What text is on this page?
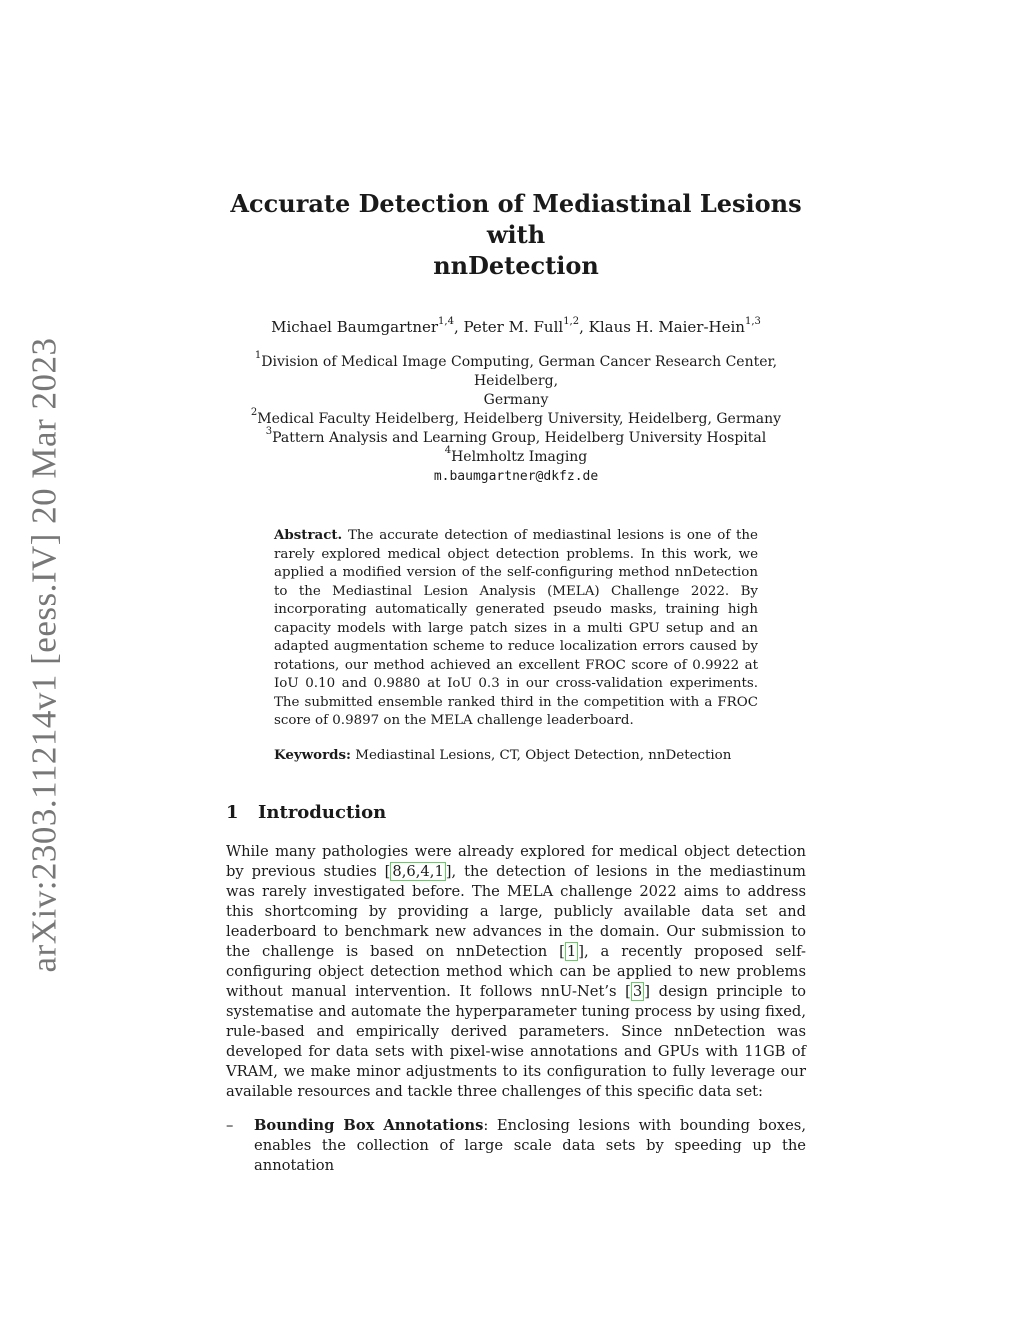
arXiv:2303.11214v1 [eess.IV] 20 Mar 2023
Accurate Detection of Mediastinal Lesions with
nnDetection
Michael Baumgartner$^{1,4}$, Peter M. Full$^{1,2}$, Klaus H. Maier-Hein$^{1,3}$
$^1$Division of Medical Image Computing, German Cancer Research Center, Heidelberg,
Germany
$^2$Medical Faculty Heidelberg, Heidelberg University, Heidelberg, Germany
$^3$Pattern Analysis and Learning Group, Heidelberg University Hospital
$^4$Helmholtz Imaging
m.baumgartner@dkfz.de
Abstract. The accurate detection of mediastinal lesions is one of the rarely explored medical object detection problems. In this work, we applied a modified version of the self-configuring method nnDetection to the Mediastinal Lesion Analysis (MELA) Challenge 2022. By incorporating automatically generated pseudo masks, training high capacity models with large patch sizes in a multi GPU setup and an adapted augmentation scheme to reduce localization errors caused by rotations, our method achieved an excellent FROC score of 0.9922 at IoU 0.10 and 0.9880 at IoU 0.3 in our cross-validation experiments. The submitted ensemble ranked third in the competition with a FROC score of 0.9897 on the MELA challenge leaderboard.
Keywords: Mediastinal Lesions, CT, Object Detection, nnDetection
1 Introduction
While many pathologies were already explored for medical object detection by previous studies [ 8,6,4,1 ], the detection of lesions in the mediastinum was rarely investigated before. The MELA challenge 2022 aims to address this shortcoming by providing a large, publicly available data set and leaderboard to benchmark new advances in the domain. Our submission to the challenge is based on nnDetection [ 1 ], a recently proposed self-configuring object detection method which can be applied to new problems without manual intervention. It follows nnU-Net’s [ 3 ] design principle to systematise and automate the hyperparameter tuning process by using fixed, rule-based and empirically derived parameters. Since nnDetection was developed for data sets with pixel-wise annotations and GPUs with 11GB of VRAM, we make minor adjustments to its configuration to fully leverage our available resources and tackle three challenges of this specific data set:
– Bounding Box Annotations: Enclosing lesions with bounding boxes, enables the collection of large scale data sets by speeding up the annotation
